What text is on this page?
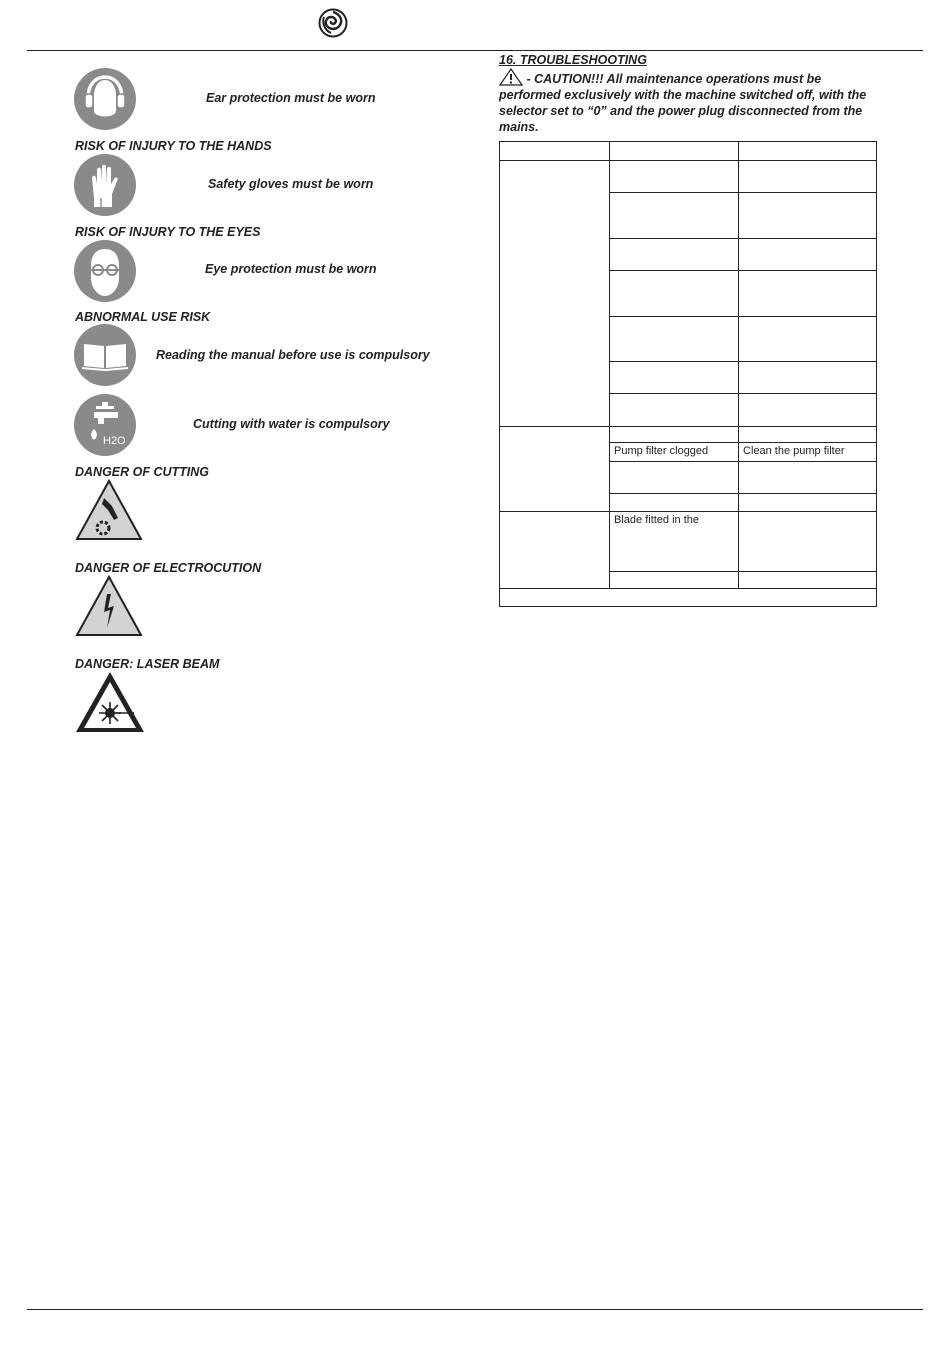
Ear protection must be worn
RISK OF INJURY TO THE HANDS
Safety gloves must be worn
RISK OF INJURY TO THE EYES
Eye protection must be worn
ABNORMAL USE RISK
Reading the manual before use is compulsory
H2O
Cutting with water is compulsory
DANGER OF CUTTING
DANGER OF ELECTROCUTION
DANGER: LASER BEAM
16. TROUBLESHOOTING
- CAUTION!!! All maintenance operations must be performed exclusively with the machine switched off, with the selector set to “0” and the power plug disconnected from the mains.
Pump filter clogged	Clean the pump filter
Blade fitted in the
